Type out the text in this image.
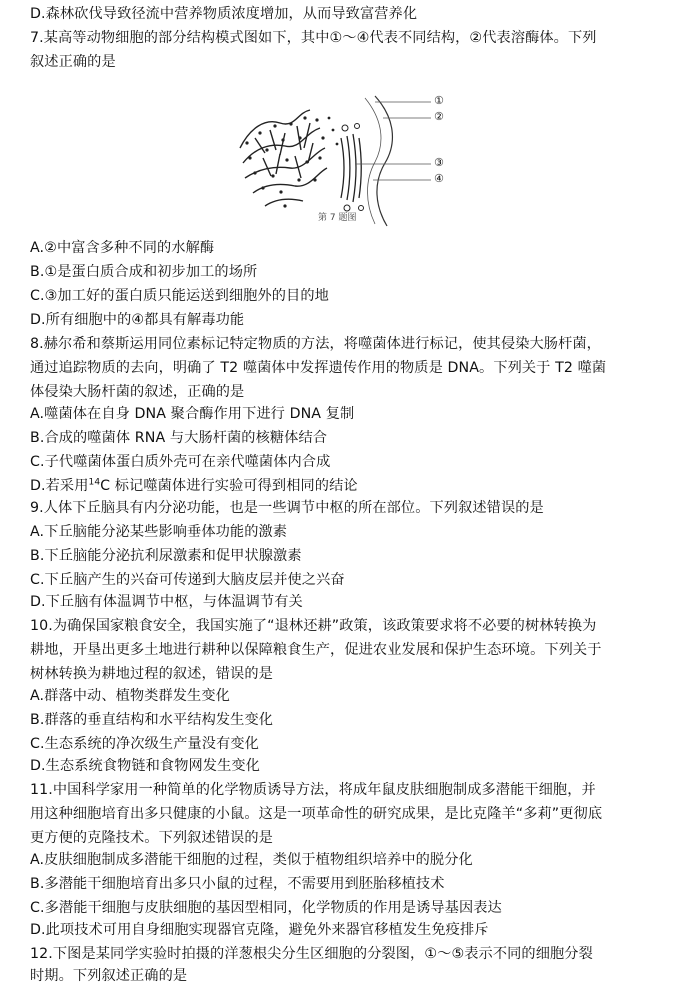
D.森林砍伐导致径流中营养物质浓度增加，从而导致富营养化
7.某高等动物细胞的部分结构模式图如下，其中①～④代表不同结构，②代表溶酶体。下列
叙述正确的是
①
②
③
④
第 7 题图
A.②中富含多种不同的水解酶
B.①是蛋白质合成和初步加工的场所
C.③加工好的蛋白质只能运送到细胞外的目的地
D.所有细胞中的④都具有解毒功能
8.赫尔希和蔡斯运用同位素标记特定物质的方法，将噬菌体进行标记，使其侵染大肠杆菌，
通过追踪物质的去向，明确了 T2 噬菌体中发挥遗传作用的物质是 DNA。下列关于 T2 噬菌
体侵染大肠杆菌的叙述，正确的是
A.噬菌体在自身 DNA 聚合酶作用下进行 DNA 复制
B.合成的噬菌体 RNA 与大肠杆菌的核糖体结合
C.子代噬菌体蛋白质外壳可在亲代噬菌体内合成
D.若采用$^{14}$C 标记噬菌体进行实验可得到相同的结论
9.人体下丘脑具有内分泌功能，也是一些调节中枢的所在部位。下列叙述错误的是
A.下丘脑能分泌某些影响垂体功能的激素
B.下丘脑能分泌抗利尿激素和促甲状腺激素
C.下丘脑产生的兴奋可传递到大脑皮层并使之兴奋
D.下丘脑有体温调节中枢，与体温调节有关
10.为确保国家粮食安全，我国实施了“退林还耕”政策，该政策要求将不必要的树林转换为
耕地，开垦出更多土地进行耕种以保障粮食生产，促进农业发展和保护生态环境。下列关于
树林转换为耕地过程的叙述，错误的是
A.群落中动、植物类群发生变化
B.群落的垂直结构和水平结构发生变化
C.生态系统的净次级生产量没有变化
D.生态系统食物链和食物网发生变化
11.中国科学家用一种简单的化学物质诱导方法，将成年鼠皮肤细胞制成多潜能干细胞，并
用这种细胞培育出多只健康的小鼠。这是一项革命性的研究成果，是比克隆羊“多莉”更彻底
更方便的克隆技术。下列叙述错误的是
A.皮肤细胞制成多潜能干细胞的过程，类似于植物组织培养中的脱分化
B.多潜能干细胞培育出多只小鼠的过程，不需要用到胚胎移植技术
C.多潜能干细胞与皮肤细胞的基因型相同，化学物质的作用是诱导基因表达
D.此项技术可用自身细胞实现器官克隆，避免外来器官移植发生免疫排斥
12.下图是某同学实验时拍摄的洋葱根尖分生区细胞的分裂图，①～⑤表示不同的细胞分裂
时期。下列叙述正确的是
